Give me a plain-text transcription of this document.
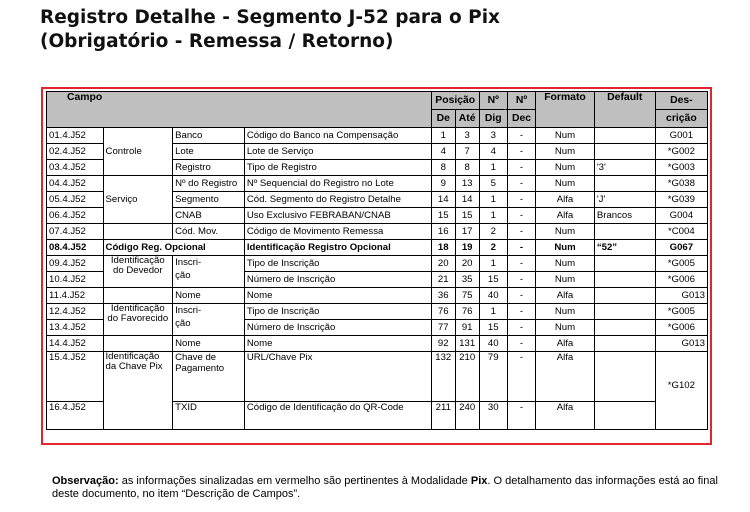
Registro Detalhe - Segmento J-52 para o Pix
(Obrigatório - Remessa / Retorno)
Campo				Posição		Nº	Nº	Formato	Default	Des-
				De	Até	Dig	Dec			crição
01.4.J52	Controle	Banco	Código do Banco na Compensação	1	3	3	-	Num		G001
02.4.J52		Lote	Lote de Serviço	4	7	4	-	Num		*G002
03.4.J52		Registro	Tipo de Registro	8	8	1	-	Num	'3'	*G003
04.4.J52	Serviço	Nº do Registro	Nº Sequencial do Registro no Lote	9	13	5	-	Num		*G038
05.4.J52		Segmento	Cód. Segmento do Registro Detalhe	14	14	1	-	Alfa	'J'	*G039
06.4.J52		CNAB	Uso Exclusivo FEBRABAN/CNAB	15	15	1	-	Alfa	Brancos	G004
07.4.J52		Cód. Mov.	Código de Movimento Remessa	16	17	2	-	Num		*C004
08.4.J52	Código Reg. Opcional		Identificação Registro Opcional	18	19	2	-	Num	“52”	G067
09.4.J52	Identificação do Devedor	Inscri-ção	Tipo de Inscrição	20	20	1	-	Num		*G005
10.4.J52			Número de Inscrição	21	35	15	-	Num		*G006
11.4.J52		Nome	Nome	36	75	40	-	Alfa		G013
12.4.J52	Identificação do Favorecido	Inscri-ção	Tipo de Inscrição	76	76	1	-	Num		*G005
13.4.J52			Número de Inscrição	77	91	15	-	Num		*G006
14.4.J52		Nome	Nome	92	131	40	-	Alfa		G013
15.4.J52	Identificação da Chave Pix	Chave de Pagamento	URL/Chave Pix	132	210	79	-	Alfa		*G102
16.4.J52		TXID	Código de Identificação do QR-Code	211	240	30	-	Alfa		

Observação: as informações sinalizadas em vermelho são pertinentes à Modalidade Pix. O detalhamento das informações está ao final deste documento, no item “Descrição de Campos”.
